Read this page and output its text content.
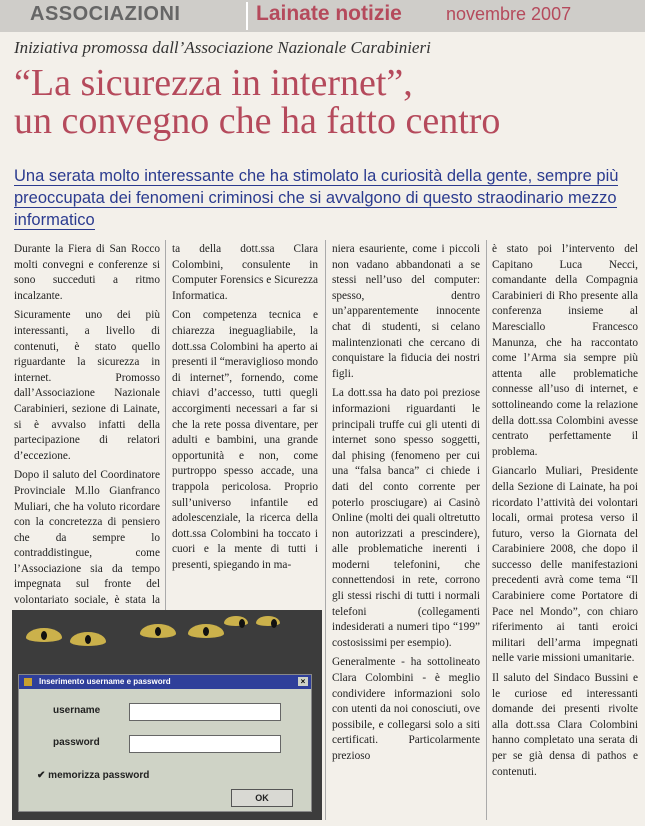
ASSOCIAZIONI	Lainate notizie novembre 2007
Iniziativa promossa dall’Associazione Nazionale Carabinieri
“La sicurezza in internet”,
un convegno che ha fatto centro
Una serata molto interessante che ha stimolato la curiosità della gente, sempre più preoccupata dei fenomeni criminosi che si avvalgono di questo straodinario mezzo informatico

Durante la Fiera di San Rocco molti convegni e conferenze si sono succeduti a ritmo incalzante.

Sicuramente uno dei più interessanti, a livello di contenuti, è stato quello riguardante la sicurezza in internet. Promosso dall’Associazione Nazionale Carabinieri, sezione di Lainate, si è avvalso infatti della partecipazione di relatori d’eccezione.

Dopo il saluto del Coordinatore Provinciale M.llo Gianfranco Muliari, che ha voluto ricordare con la concretezza di pensiero che da sempre lo contraddistingue, come l’Associazione sia da tempo impegnata sul fronte del volontariato sociale, è stata la

ta della dott.ssa Clara Colombini, consulente in Computer Forensics e Sicurezza Informatica.

Con competenza tecnica e chiarezza ineguagliabile, la dott.ssa Colombini ha aperto ai presenti il “meraviglioso mondo di internet”, fornendo, come chiavi d’accesso, tutti quegli accorgimenti necessari a far si che la rete possa diventare, per adulti e bambini, una grande opportunità e non, come purtroppo spesso accade, una trappola pericolosa. Proprio sull’universo infantile ed adolescenziale, la ricerca della dott.ssa Colombini ha toccato i cuori e la mente di tutti i presenti, spiegando in ma-

niera esauriente, come i piccoli non vadano abbandonati a se stessi nell’uso del computer: spesso, dentro un’apparentemente innocente chat di studenti, si celano malintenzionati che cercano di conquistare la fiducia dei nostri figli.

La dott.ssa ha dato poi preziose informazioni riguardanti le principali truffe cui gli utenti di internet sono spesso soggetti, dal phising (fenomeno per cui una “falsa banca” ci chiede i dati del conto corrente per poterlo prosciugare) ai Casinò Online (molti dei quali oltretutto non autorizzati a prescindere), alle problematiche inerenti i moderni telefonini, che connettendosi in rete, corrono gli stessi rischi di tutti i normali telefoni (collegamenti indesiderati a numeri tipo “199” costosissimi per esempio).

Generalmente - ha sottolineato Clara Colombini - è meglio condividere informazioni solo con utenti da noi conosciuti, ove possibile, e collegarsi solo a siti certificati. Particolarmente prezioso

è stato poi l’intervento del Capitano Luca Necci, comandante della Compagnia Carabinieri di Rho presente alla conferenza insieme al Maresciallo Francesco Manunza, che ha raccontato come l’Arma sia sempre più attenta alle problematiche connesse all’uso di internet, e sottolineando come la relazione della dott.ssa Colombini avesse centrato perfettamente il problema.

Giancarlo Muliari, Presidente della Sezione di Lainate, ha poi ricordato l’attività dei volontari locali, ormai protesa verso il futuro, verso la Giornata del Carabiniere 2008, che dopo il successo delle manifestazioni precedenti avrà come tema “Il Carabiniere come Portatore di Pace nel Mondo”, con chiaro riferimento ai tanti eroici militari dell’arma impegnati nelle varie missioni umanitarie.

Il saluto del Sindaco Bussini e le curiose ed interessanti domande dei presenti rivolte alla dott.ssa Clara Colombini hanno completato una serata di per se già densa di pathos e contenuti.

Inserimento username e password	×
username
password
✔ memorizza password
OK
